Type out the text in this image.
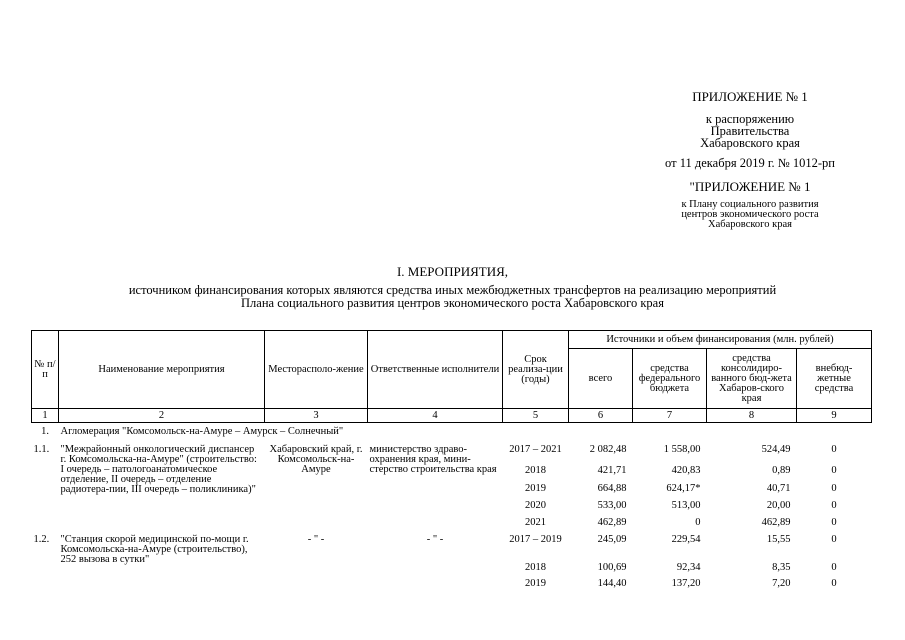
ПРИЛОЖЕНИЕ № 1
к распоряжению
Правительства
Хабаровского края
от 11 декабря 2019 г. № 1012-рп
"ПРИЛОЖЕНИЕ № 1
к Плану социального развития
центров экономического роста
Хабаровского края
I. МЕРОПРИЯТИЯ,
источником финансирования которых являются средства иных межбюджетных трансфертов на реализацию мероприятий
Плана социального развития центров экономического роста Хабаровского края
№ п/п	Наименование мероприятия	Месторасполо-жение	Ответственные исполнители	Срок реализа-ции (годы)	Источники и объем финансирования (млн. рублей)			
					всего	средства федерального бюджета	средства консолидиро-ванного бюд-жета Хабаров-ского края	внебюд-жетные средства
1	2	3	4	5	6	7	8	9
1.	Агломерация "Комсомольск-на-Амуре – Амурск – Солнечный"							
1.1.	"Межрайонный онкологический диспансер г. Комсомольска-на-Амуре" (строительство: I очередь – патологоанатомическое отделение, II очередь – отделение радиотера-пии, III очередь – поликлиника)"	Хабаровский край, г. Комсомольск-на-Амуре	министерство здраво-охранения края, мини-стерство строительства края	2017 – 2021	2 082,48	1 558,00	524,49	0
				2018	421,71	420,83	0,89	0
				2019	664,88	624,17*	40,71	0
				2020	533,00	513,00	20,00	0
				2021	462,89	0	462,89	0
1.2.	"Станция скорой медицинской по-мощи г. Комсомольска-на-Амуре (строительство), 252 вызова в сутки"	- " -	- " -	2017 – 2019	245,09	229,54	15,55	0
				2018	100,69	92,34	8,35	0
				2019	144,40	137,20	7,20	0
